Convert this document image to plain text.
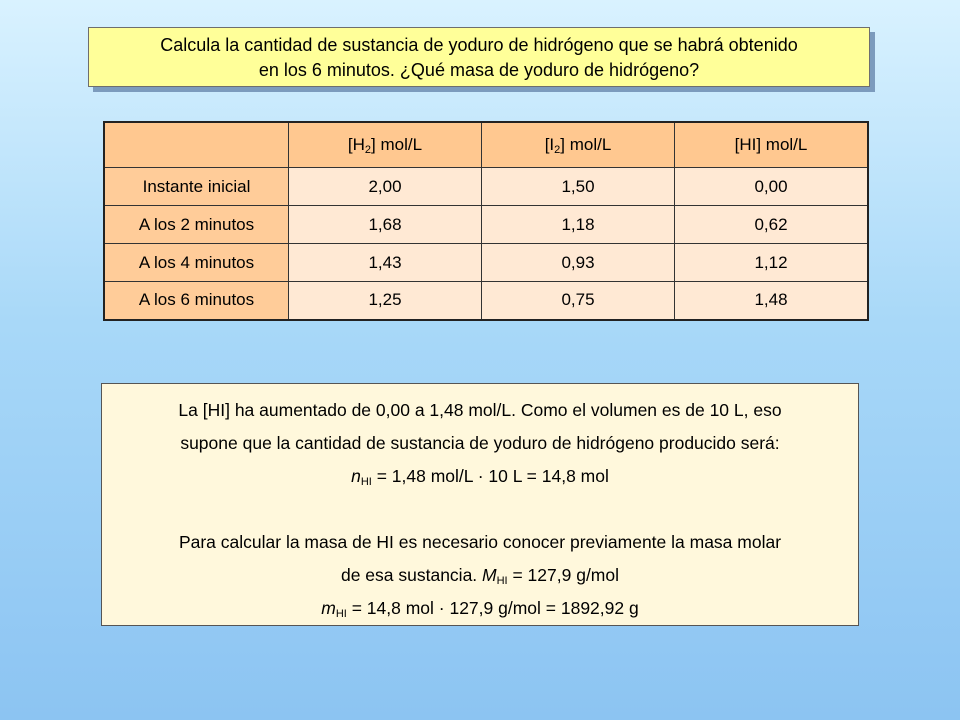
Calcula la cantidad de sustancia de yoduro de hidrógeno que se habrá obtenido
en los 6 minutos. ¿Qué masa de yoduro de hidrógeno?
	$[H_2]$ mol/L	$[I_2]$ mol/L	[HI] mol/L
Instante inicial	2,00	1,50	0,00
A los 2 minutos	1,68	1,18	0,62
A los 4 minutos	1,43	0,93	1,12
A los 6 minutos	1,25	0,75	1,48

La [HI] ha aumentado de 0,00 a 1,48 mol/L. Como el volumen es de 10 L, eso

supone que la cantidad de sustancia de yoduro de hidrógeno producido será:

$n_{HI} = 1,48$ mol/L · 10 L = 14,8 mol

Para calcular la masa de HI es necesario conocer previamente la masa molar

de esa sustancia. $M_{HI} = 127,9$ g/mol

$m_{HI} = 14,8$ mol · 127,9 g/mol = 1892,92 g
